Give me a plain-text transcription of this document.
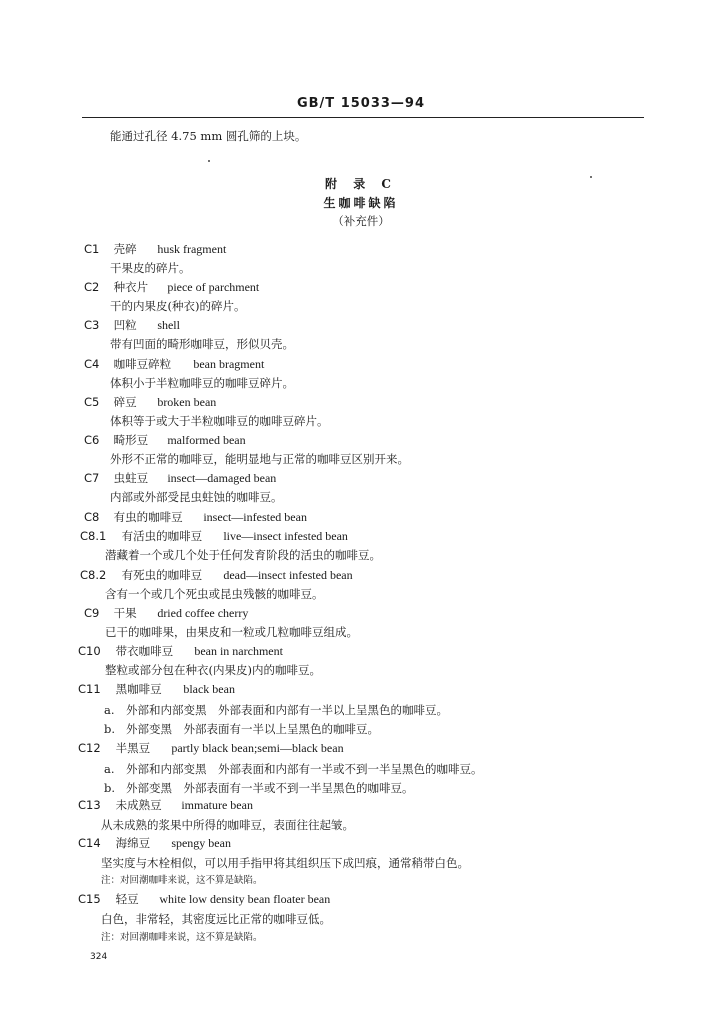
GB/T 15033—94
能通过孔径 4.75 mm 圆孔筛的上块。
附 录 C
生咖啡缺陷
（补充件）
C1 壳碎 husk fragment
干果皮的碎片。
C2 种衣片 piece of parchment
干的内果皮(种衣)的碎片。
C3 凹粒 shell
带有凹面的畸形咖啡豆，形似贝壳。
C4 咖啡豆碎粒 bean bragment
体积小于半粒咖啡豆的咖啡豆碎片。
C5 碎豆 broken bean
体积等于或大于半粒咖啡豆的咖啡豆碎片。
C6 畸形豆 malformed bean
外形不正常的咖啡豆，能明显地与正常的咖啡豆区别开来。
C7 虫蛀豆 insect—damaged bean
内部或外部受昆虫蛀蚀的咖啡豆。
C8 有虫的咖啡豆 insect—infested bean
C8.1 有活虫的咖啡豆 live—insect infested bean
潜藏着一个或几个处于任何发育阶段的活虫的咖啡豆。
C8.2 有死虫的咖啡豆 dead—insect infested bean
含有一个或几个死虫或昆虫残骸的咖啡豆。
C9 干果 dried coffee cherry
已干的咖啡果，由果皮和一粒或几粒咖啡豆组成。
C10 带衣咖啡豆 bean in narchment
整粒或部分包在种衣(内果皮)内的咖啡豆。
C11 黑咖啡豆 black bean
a. 外部和内部变黑　外部表面和内部有一半以上呈黑色的咖啡豆。
b. 外部变黑　外部表面有一半以上呈黑色的咖啡豆。
C12 半黑豆 partly black bean;semi—black bean
a. 外部和内部变黑　外部表面和内部有一半或不到一半呈黑色的咖啡豆。
b. 外部变黑　外部表面有一半或不到一半呈黑色的咖啡豆。
C13 未成熟豆 immature bean
从未成熟的浆果中所得的咖啡豆，表面往往起皱。
C14 海绵豆 spengy bean
坚实度与木栓相似，可以用手指甲将其组织压下成凹痕，通常稍带白色。
注：对回潮咖啡来说，这不算是缺陷。
C15 轻豆 white low density bean floater bean
白色，非常轻，其密度远比正常的咖啡豆低。
注：对回潮咖啡来说，这不算是缺陷。
324
